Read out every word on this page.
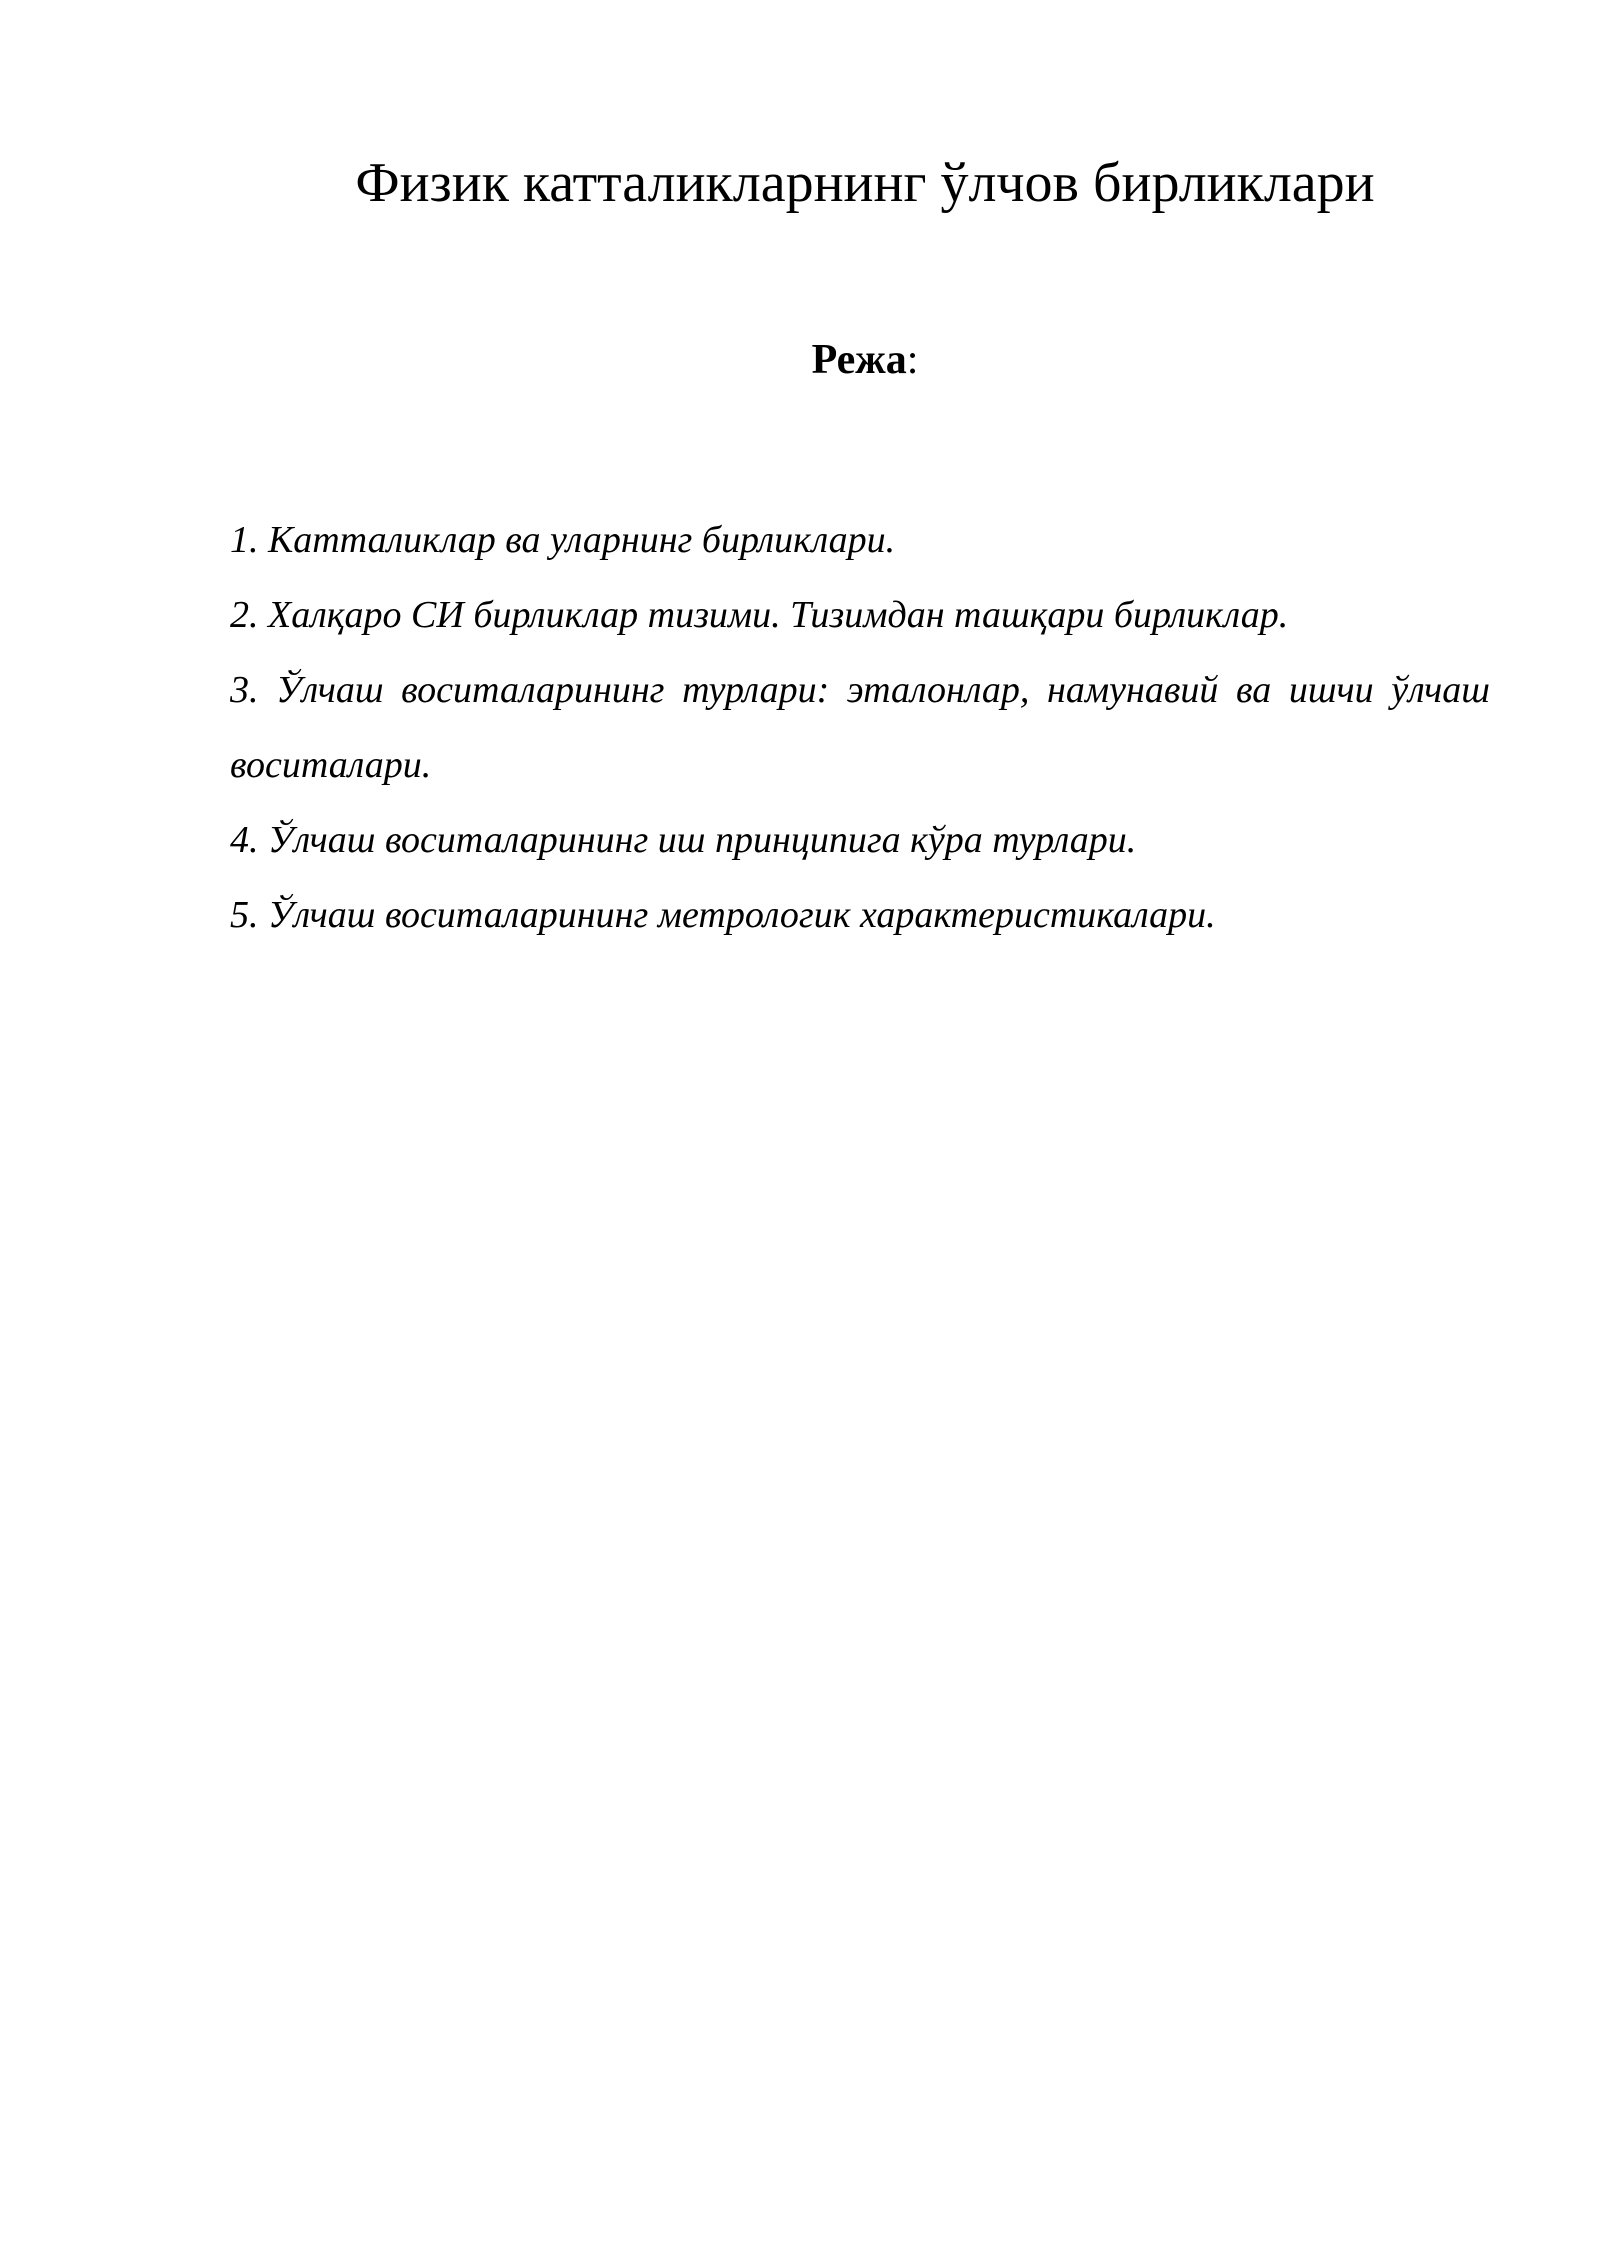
Физик катталикларнинг ўлчов бирликлари

Режа:

1. Катталиклар ва уларнинг бирликлари.
2. Халқаро СИ бирликлар тизими. Тизимдан ташқари бирликлар.
3. Ўлчаш воситаларининг турлари: эталонлар, намунавий ва ишчи ўлчаш воситалари.
4. Ўлчаш воситаларининг иш принципига кўра турлари.
5. Ўлчаш воситаларининг метрологик характеристикалари.
